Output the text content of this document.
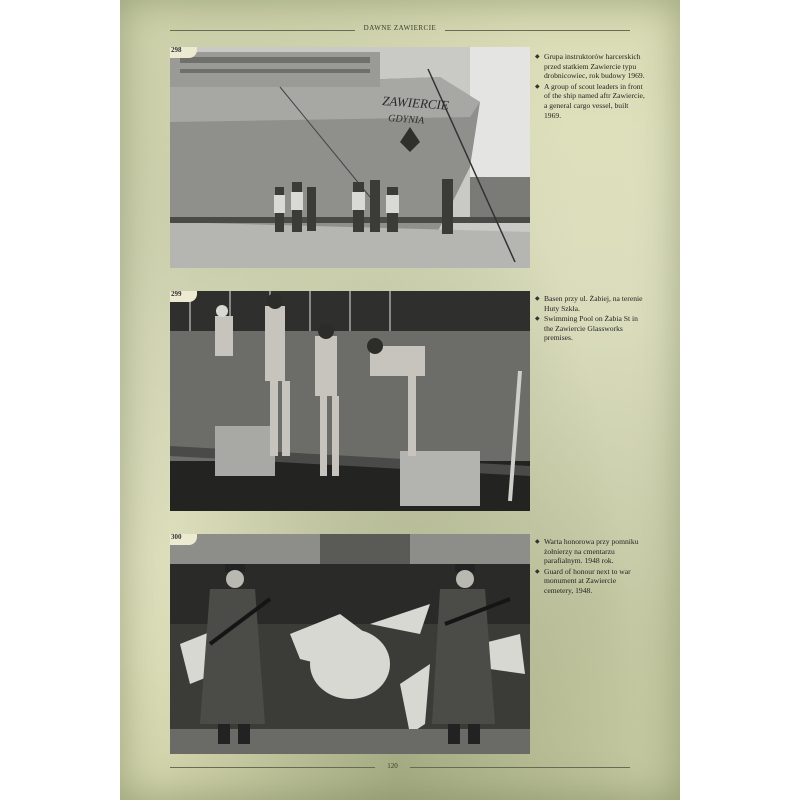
DAWNE ZAWIERCIE
ZAWIERCIE
GDYNIA
298
◆ Grupa instruktorów harcerskich przed statkiem Zawiercie typu drobnicowiec, rok budowy 1969.
◆ A group of scout leaders in front of the ship named aftr Zawiercie, a general cargo vessel, built 1969.
299
◆ Basen przy ul. Żabiej, na terenie Huty Szkła.
◆ Swimming Pool on Żabia St in the Zawiercie Glassworks premises.
300
◆ Warta honorowa przy pomniku żołnierzy na cmentarzu parafialnym. 1948 rok.
◆ Guard of honour next to war monument at Zawiercie cemetery, 1948.
120
